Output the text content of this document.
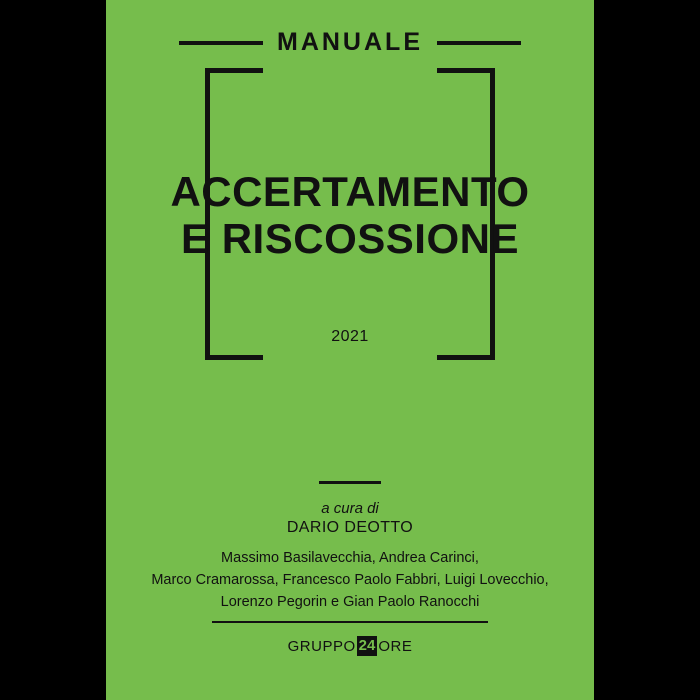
MANUALE
ACCERTAMENTO
E RISCOSSIONE
2021
a cura di
DARIO DEOTTO
Massimo Basilavecchia, Andrea Carinci,
Marco Cramarossa, Francesco Paolo Fabbri, Luigi Lovecchio,
Lorenzo Pegorin e Gian Paolo Ranocchi
GRUPPO 24 ORE
